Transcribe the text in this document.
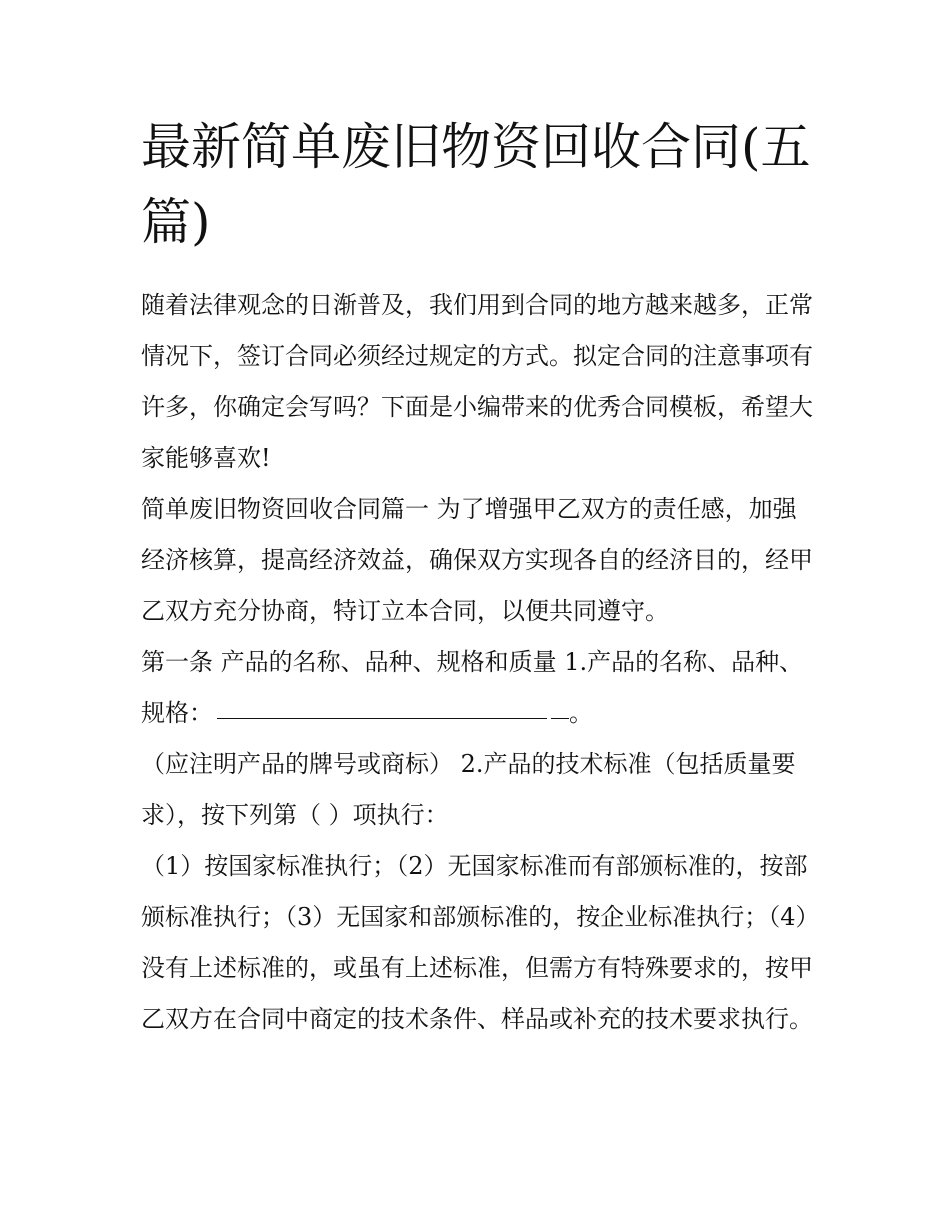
最新简单废旧物资回收合同(五篇)

随着法律观念的日渐普及，我们用到合同的地方越来越多，正常情况下，签订合同必须经过规定的方式。拟定合同的注意事项有许多，你确定会写吗？下面是小编带来的优秀合同模板，希望大家能够喜欢!

简单废旧物资回收合同篇一 为了增强甲乙双方的责任感，加强经济核算，提高经济效益，确保双方实现各自的经济目的，经甲乙双方充分协商，特订立本合同，以便共同遵守。

第一条 产品的名称、品种、规格和质量 1.产品的名称、品种、规格：	。

（应注明产品的牌号或商标） 2.产品的技术标准（包括质量要求），按下列第（ ）项执行：

（1）按国家标准执行；（2）无国家标准而有部颁标准的，按部颁标准执行；（3）无国家和部颁标准的，按企业标准执行；（4）没有上述标准的，或虽有上述标准，但需方有特殊要求的，按甲乙双方在合同中商定的技术条件、样品或补充的技术要求执行。
